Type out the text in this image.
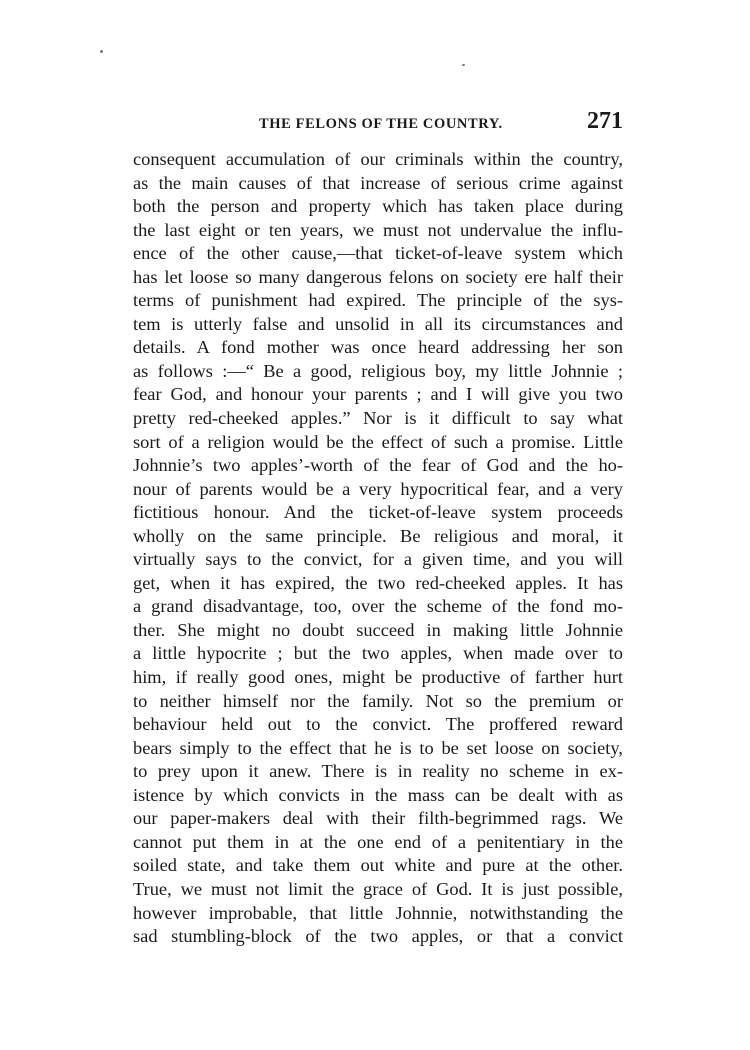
THE FELONS OF THE COUNTRY.	271
consequent accumulation of our criminals within the country,
as the main causes of that increase of serious crime against
both the person and property which has taken place during
the last eight or ten years, we must not undervalue the influ-
ence of the other cause,—that ticket-of-leave system which
has let loose so many dangerous felons on society ere half their
terms of punishment had expired. The principle of the sys-
tem is utterly false and unsolid in all its circumstances and
details. A fond mother was once heard addressing her son
as follows :—“ Be a good, religious boy, my little Johnnie ;
fear God, and honour your parents ; and I will give you two
pretty red-cheeked apples.” Nor is it difficult to say what
sort of a religion would be the effect of such a promise. Little
Johnnie’s two apples’-worth of the fear of God and the ho-
nour of parents would be a very hypocritical fear, and a very
fictitious honour. And the ticket-of-leave system proceeds
wholly on the same principle. Be religious and moral, it
virtually says to the convict, for a given time, and you will
get, when it has expired, the two red-cheeked apples. It has
a grand disadvantage, too, over the scheme of the fond mo-
ther. She might no doubt succeed in making little Johnnie
a little hypocrite ; but the two apples, when made over to
him, if really good ones, might be productive of farther hurt
to neither himself nor the family. Not so the premium or
behaviour held out to the convict. The proffered reward
bears simply to the effect that he is to be set loose on society,
to prey upon it anew. There is in reality no scheme in ex-
istence by which convicts in the mass can be dealt with as
our paper-makers deal with their filth-begrimmed rags. We
cannot put them in at the one end of a penitentiary in the
soiled state, and take them out white and pure at the other.
True, we must not limit the grace of God. It is just possible,
however improbable, that little Johnnie, notwithstanding the
sad stumbling-block of the two apples, or that a convict
